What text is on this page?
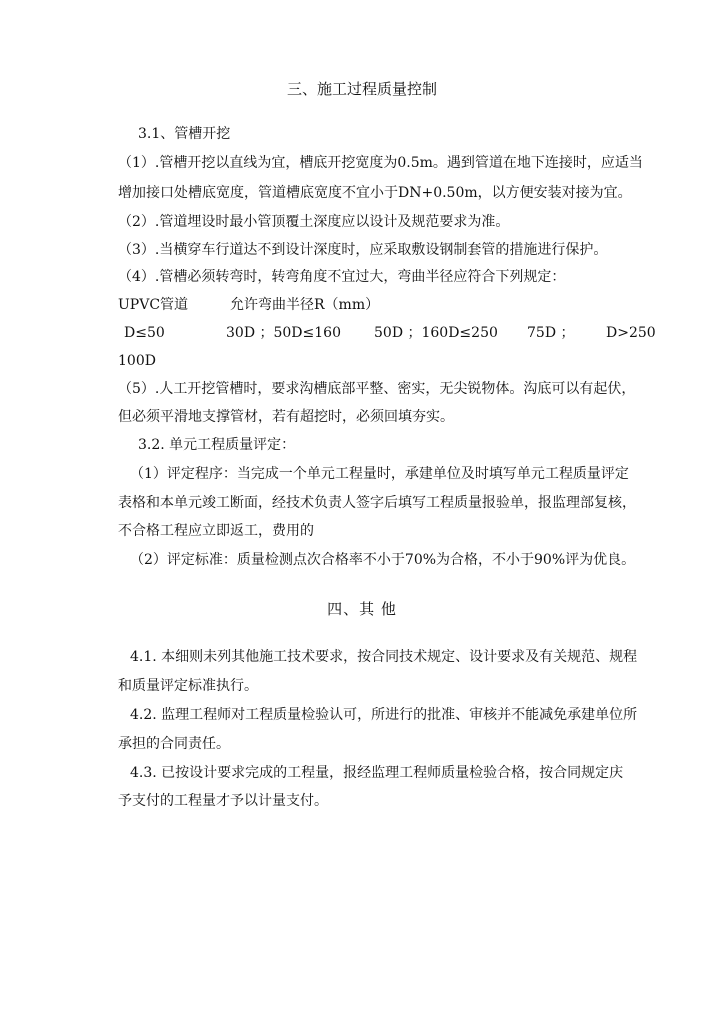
三、施工过程质量控制
3.1、管槽开挖
（1）.管槽开挖以直线为宜，槽底开挖宽度为0.5m。遇到管道在地下连接时，应适当
增加接口处槽底宽度，管道槽底宽度不宜小于DN+0.50m，以方便安装对接为宜。
（2）.管道埋设时最小管顶覆土深度应以设计及规范要求为准。
（3）.当横穿车行道达不到设计深度时，应采取敷设钢制套管的措施进行保护。
（4）.管槽必须转弯时，转弯角度不宜过大，弯曲半径应符合下列规定：
UPVC管道	允许弯曲半径R（mm）
D≤50	30D ；50D≤160 50D ；160D≤250 75D ； D>250
100D
（5）.人工开挖管槽时，要求沟槽底部平整、密实，无尖锐物体。沟底可以有起伏，
但必须平滑地支撑管材，若有超挖时，必须回填夯实。
3.2. 单元工程质量评定：
（1）评定程序：当完成一个单元工程量时，承建单位及时填写单元工程质量评定
表格和本单元竣工断面，经技术负责人签字后填写工程质量报验单，报监理部复核，
不合格工程应立即返工，费用的
（2）评定标准：质量检测点次合格率不小于70%为合格，不小于90%评为优良。
四、其 他
4.1. 本细则未列其他施工技术要求，按合同技术规定、设计要求及有关规范、规程
和质量评定标准执行。
4.2. 监理工程师对工程质量检验认可，所进行的批准、审核并不能减免承建单位所
承担的合同责任。
4.3. 已按设计要求完成的工程量，报经监理工程师质量检验合格，按合同规定庆
予支付的工程量才予以计量支付。
